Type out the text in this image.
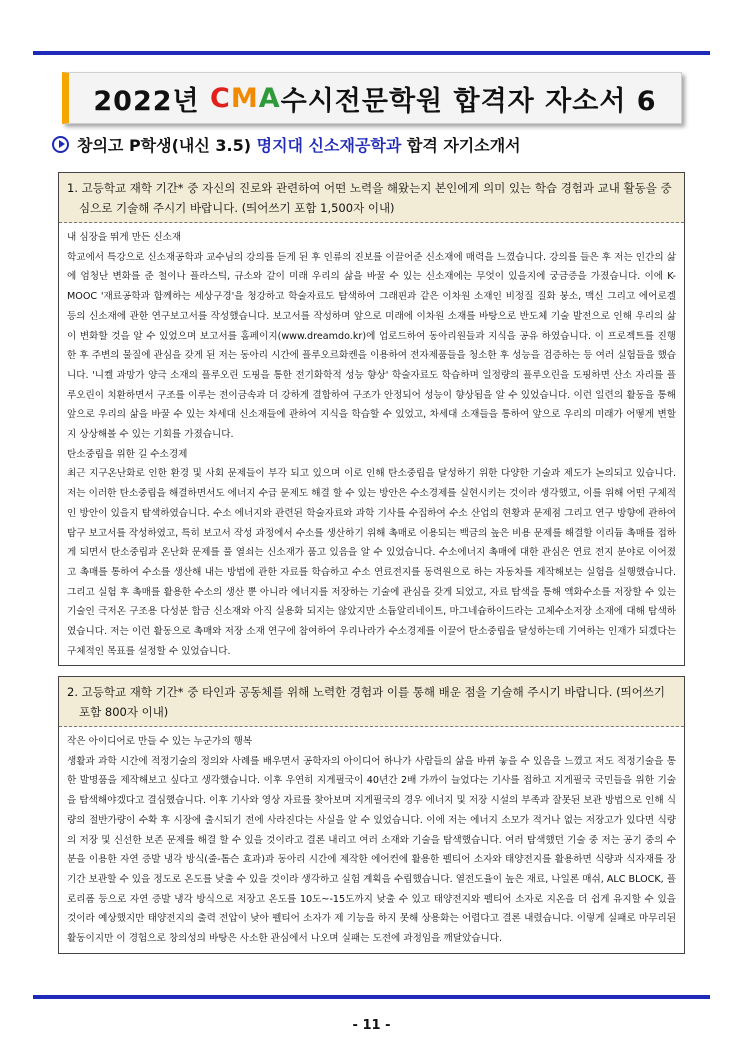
2022년 C M A 수시전문학원 합격자 자소서 6
창의고 P학생(내신 3.5) 명지대 신소재공학과 합격 자기소개서
1. 고등학교 재학 기간* 중 자신의 진로와 관련하여 어떤 노력을 해왔는지 본인에게 의미 있는 학습 경험과 교내 활동을 중심으로 기술해 주시기 바랍니다. (띄어쓰기 포함 1,500자 이내)

내 심장을 뛰게 만든 신소재

학교에서 특강으로 신소재공학과 교수님의 강의를 듣게 된 후 인류의 진보를 이끌어준 신소재에 매력을 느꼈습니다. 강의를 들은 후 저는 인간의 삶에 엄청난 변화를 준 철이나 플라스틱, 규소와 같이 미래 우리의 삶을 바꿀 수 있는 신소재에는 무엇이 있을지에 궁금증을 가졌습니다. 이에 K-MOOC '재료공학과 함께하는 세상구경'을 청강하고 학술자료도 탐색하여 그래핀과 같은 이차원 소재인 비정질 질화 붕소, 맥신 그리고 에어로겔 등의 신소재에 관한 연구보고서를 작성했습니다. 보고서를 작성하며 앞으로 미래에 이차원 소재를 바탕으로 반도체 기술 발전으로 인해 우리의 삶이 변화할 것을 알 수 있었으며 보고서를 홈페이지(www.dreamdo.kr)에 업로드하여 동아리원들과 지식을 공유 하였습니다. 이 프로젝트를 진행한 후 주변의 물질에 관심을 갖게 된 저는 동아리 시간에 플루오르화켄을 이용하여 전자제품들을 청소한 후 성능을 검증하는 등 여러 실험들을 했습니다. '니켈 과망가 양극 소재의 플루오린 도핑을 통한 전기화학적 성능 향상' 학술자료도 학습하며 일정량의 플루오린을 도핑하면 산소 자리를 플루오린이 치환하면서 구조를 이루는 전이금속과 더 강하게 결합하여 구조가 안정되어 성능이 향상됨을 알 수 있었습니다. 이런 일련의 활동을 통해 앞으로 우리의 삶을 바꿀 수 있는 차세대 신소재들에 관하여 지식을 학습할 수 있었고, 차세대 소재들을 통하여 앞으로 우리의 미래가 어떻게 변할지 상상해볼 수 있는 기회를 가졌습니다.

탄소중립을 위한 길 수소경제

최근 지구온난화로 인한 환경 및 사회 문제들이 부각 되고 있으며 이로 인해 탄소중립을 달성하기 위한 다양한 기술과 제도가 논의되고 있습니다. 저는 이러한 탄소중립을 해결하면서도 에너지 수급 문제도 해결 할 수 있는 방안은 수소경제를 실현시키는 것이라 생각했고, 이를 위해 어떤 구체적인 방안이 있을지 탐색하였습니다. 수소 에너지와 관련된 학술자료와 과학 기사를 수집하여 수소 산업의 현황과 문제점 그리고 연구 방향에 관하여 탐구 보고서를 작성하였고, 특히 보고서 작성 과정에서 수소를 생산하기 위해 촉매로 이용되는 백금의 높은 비용 문제를 해결할 이리듐 촉매를 접하게 되면서 탄소중립과 온난화 문제를 풀 열쇠는 신소재가 품고 있음을 알 수 있었습니다. 수소에너지 촉매에 대한 관심은 연료 전지 분야로 이어졌고 촉매를 통하여 수소를 생산해 내는 방법에 관한 자료를 학습하고 수소 연료전지를 동력원으로 하는 자동차를 제작해보는 실험을 실행했습니다. 그리고 실험 후 촉매를 활용한 수소의 생산 뿐 아니라 에너지를 저장하는 기술에 관심을 갖게 되었고, 자료 탐색을 통해 액화수소를 저장할 수 있는 기술인 극저온 구조용 다성분 합금 신소재와 아직 실용화 되지는 않았지만 소듐알리네이트, 마그네슘하이드라는 고체수소저장 소재에 대해 탐색하였습니다. 저는 이런 활동으로 촉매와 저장 소재 연구에 참여하여 우리나라가 수소경제를 이끌어 탄소중립을 달성하는데 기여하는 인재가 되겠다는 구체적인 목표를 설정할 수 있었습니다.

2. 고등학교 재학 기간* 중 타인과 공동체를 위해 노력한 경험과 이를 통해 배운 점을 기술해 주시기 바랍니다. (띄어쓰기 포함 800자 이내)

작은 아이디어로 만들 수 있는 누군가의 행복

생활과 과학 시간에 적정기술의 정의와 사례를 배우면서 공학자의 아이디어 하나가 사람들의 삶을 바뀌 놓을 수 있음을 느꼈고 저도 적정기술을 통한 발명품을 제작해보고 싶다고 생각했습니다. 이후 우연히 지게필국이 40년간 2배 가까이 늘었다는 기사를 접하고 지게필국 국민들을 위한 기술을 탐색해야겠다고 결심했습니다. 이후 기사와 영상 자료를 찾아보며 지게필국의 경우 에너지 및 저장 시설의 부족과 잘못된 보관 방법으로 인해 식량의 절반가량이 수확 후 시장에 출시되기 전에 사라진다는 사실을 알 수 있었습니다. 이에 저는 에너지 소모가 적거나 없는 저장고가 있다면 식량의 저장 및 신선한 보존 문제를 해결 할 수 있을 것이라고 결론 내리고 여러 소재와 기술을 탐색했습니다. 여러 탐색했던 기술 중 저는 공기 중의 수분을 이용한 자연 증발 냉각 방식(줄-톰슨 효과)과 동아리 시간에 제작한 에어컨에 활용한 펠티어 소자와 태양전지를 활용하면 식량과 식자재를 장기간 보관할 수 있을 정도로 온도를 낮출 수 있을 것이라 생각하고 실험 계획을 수립했습니다. 열전도율이 높은 재료, 나일론 매쉬, ALC BLOCK, 플로리폼 등으로 자연 증발 냉각 방식으로 저장고 온도를 10도~-15도까지 낮출 수 있고 태양전지와 펠티어 소자로 지온을 더 쉽게 유지할 수 있을 것이라 예상했지만 태양전지의 출력 전압이 낮아 펠티어 소자가 제 기능을 하지 못해 상용화는 어렵다고 결론 내렸습니다. 이렇게 실패로 마무리된 활동이지만 이 경험으로 창의성의 바탕은 사소한 관심에서 나오며 실패는 도전에 과정임을 깨달았습니다.

- 11 -
